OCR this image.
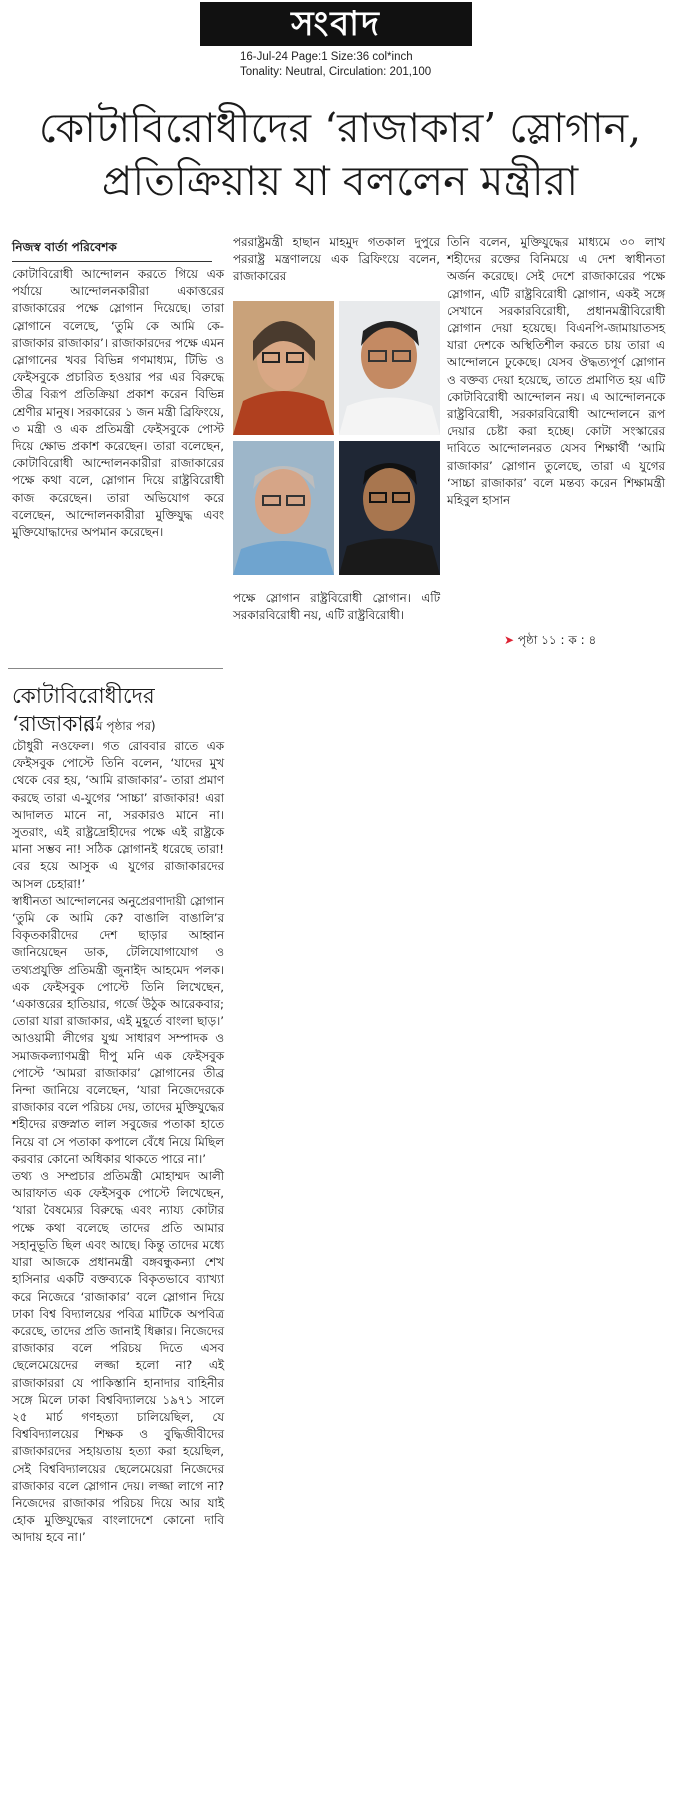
সংবাদ
16-Jul-24 Page:1 Size:36 col*inch
Tonality: Neutral, Circulation: 201,100
কোটাবিরোধীদের ‘রাজাকার’ স্লোগান,
প্রতিক্রিয়ায় যা বললেন মন্ত্রীরা
নিজস্ব বার্তা পরিবেশক

কোটাবিরোধী আন্দোলন করতে গিয়ে এক পর্যায়ে আন্দোলনকারীরা একাত্তরের রাজাকারের পক্ষে স্লোগান দিয়েছে। তারা স্লোগানে বলেছে, ‘তুমি কে আমি কে- রাজাকার রাজাকার’। রাজাকারদের পক্ষে এমন স্লোগানের খবর বিভিন্ন গণমাধ্যম, টিভি ও ফেইসবুকে প্রচারিত হওয়ার পর এর বিরুদ্ধে তীব্র বিরূপ প্রতিক্রিয়া প্রকাশ করেন বিভিন্ন শ্রেণীর মানুষ। সরকারের ১ জন মন্ত্রী ব্রিফিংয়ে, ৩ মন্ত্রী ও এক প্রতিমন্ত্রী ফেইসবুকে পোস্ট দিয়ে ক্ষোভ প্রকাশ করেছেন। তারা বলেছেন, কোটাবিরোধী আন্দোলনকারীরা রাজাকারের পক্ষে কথা বলে, স্লোগান দিয়ে রাষ্ট্রবিরোধী কাজ করেছেন। তারা অভিযোগ করে বলেছেন, আন্দোলনকারীরা মুক্তিযুদ্ধ এবং মুক্তিযোদ্ধাদের অপমান করেছেন।

পররাষ্ট্রমন্ত্রী হাছান মাহমুদ গতকাল দুপুরে পররাষ্ট্র মন্ত্রণালয়ে এক ব্রিফিংয়ে বলেন, রাজাকারের

পক্ষে স্লোগান রাষ্ট্রবিরোধী স্লোগান। এটি সরকারবিরোধী নয়, এটি রাষ্ট্রবিরোধী।

তিনি বলেন, মুক্তিযুদ্ধের মাধ্যমে ৩০ লাখ শহীদের রক্তের বিনিময়ে এ দেশ স্বাধীনতা অর্জন করেছে। সেই দেশে রাজাকারের পক্ষে স্লোগান, এটি রাষ্ট্রবিরোধী স্লোগান, একই সঙ্গে সেখানে সরকারবিরোধী, প্রধানমন্ত্রীবিরোধী স্লোগান দেয়া হয়েছে। বিএনপি-জামায়াতসহ যারা দেশকে অস্থিতিশীল করতে চায় তারা এ আন্দোলনে ঢুকেছে। যেসব ঔদ্ধত্যপূর্ণ স্লোগান ও বক্তব্য দেয়া হয়েছে, তাতে প্রমাণিত হয় এটি কোটাবিরোধী আন্দোলন নয়। এ আন্দোলনকে রাষ্ট্রবিরোধী, সরকারবিরোধী আন্দোলনে রূপ দেয়ার চেষ্টা করা হচ্ছে। কোটা সংস্কারের দাবিতে আন্দোলনরত যেসব শিক্ষার্থী ‘আমি রাজাকার’ স্লোগান তুলেছে, তারা এ যুগের ‘সাচ্চা রাজাকার’ বলে মন্তব্য করেন শিক্ষামন্ত্রী মহিবুল হাসান

➤ পৃষ্ঠা ১১ : ক : ৪
কোটাবিরোধীদের ‘রাজাকার’
(১ম পৃষ্ঠার পর)

চৌধুরী নওফেল। গত রোববার রাতে এক ফেইসবুক পোস্টে তিনি বলেন, ‘যাদের মুখ থেকে বের হয়, ‘আমি রাজাকার’- তারা প্রমাণ করছে তারা এ-যুগের ‘সাচ্চা’ রাজাকার! এরা আদালত মানে না, সরকারও মানে না। সুতরাং, এই রাষ্ট্রদ্রোহীদের পক্ষে এই রাষ্ট্রকে মানা সম্ভব না! সঠিক স্লোগানই ধরেছে তারা! বের হয়ে আসুক এ যুগের রাজাকারদের আসল চেহারা!’

স্বাধীনতা আন্দোলনের অনুপ্রেরণাদায়ী স্লোগান ‘তুমি কে আমি কে? বাঙালি বাঙালি’র বিকৃতকারীদের দেশ ছাড়ার আহ্বান জানিয়েছেন ডাক, টেলিযোগাযোগ ও তথ্যপ্রযুক্তি প্রতিমন্ত্রী জুনাইদ আহমেদ পলক। এক ফেইসবুক পোস্টে তিনি লিখেছেন, ‘একাত্তরের হাতিয়ার, গর্জে উঠুক আরেকবার; তোরা যারা রাজাকার, এই মুহূর্তে বাংলা ছাড়।’ আওয়ামী লীগের যুগ্ম সাধারণ সম্পাদক ও সমাজকল্যাণমন্ত্রী দীপু মনি এক ফেইসবুক পোস্টে ‘আমরা রাজাকার’ স্লোগানের তীব্র নিন্দা জানিয়ে বলেছেন, ‘যারা নিজেদেরকে রাজাকার বলে পরিচয় দেয়, তাদের মুক্তিযুদ্ধের শহীদের রক্তস্নাত লাল সবুজের পতাকা হাতে নিয়ে বা সে পতাকা কপালে বেঁধে নিয়ে মিছিল করবার কোনো অধিকার থাকতে পারে না।’

তথ্য ও সম্প্রচার প্রতিমন্ত্রী মোহাম্মদ আলী আরাফাত এক ফেইসবুক পোস্টে লিখেছেন, ‘যারা বৈষম্যের বিরুদ্ধে এবং ন্যায্য কোটার পক্ষে কথা বলেছে তাদের প্রতি আমার সহানুভূতি ছিল এবং আছে। কিন্তু তাদের মধ্যে যারা আজকে প্রধানমন্ত্রী বঙ্গবন্ধুকন্যা শেখ হাসিনার একটি বক্তব্যকে বিকৃতভাবে ব্যাখ্যা করে নিজেরে ‘রাজাকার’ বলে স্লোগান দিয়ে ঢাকা বিশ্ব বিদ্যালয়ের পবিত্র মাটিকে অপবিত্র করেছে, তাদের প্রতি জানাই ধিক্কার। নিজেদের রাজাকার বলে পরিচয় দিতে এসব ছেলেমেয়েদের লজ্জা হলো না? এই রাজাকাররা যে পাকিস্তানি হানাদার বাহিনীর সঙ্গে মিলে ঢাকা বিশ্ববিদ্যালয়ে ১৯৭১ সালে ২৫ মার্চ গণহত্যা চালিয়েছিল, যে বিশ্ববিদ্যালয়ের শিক্ষক ও বুদ্ধিজীবীদের রাজাকারদের সহায়তায় হত্যা করা হয়েছিল, সেই বিশ্ববিদ্যালয়ের ছেলেমেয়েরা নিজেদের রাজাকার বলে স্লোগান দেয়। লজ্জা লাগে না? নিজেদের রাজাকার পরিচয় দিয়ে আর যাই হোক মুক্তিযুদ্ধের বাংলাদেশে কোনো দাবি আদায় হবে না।’
